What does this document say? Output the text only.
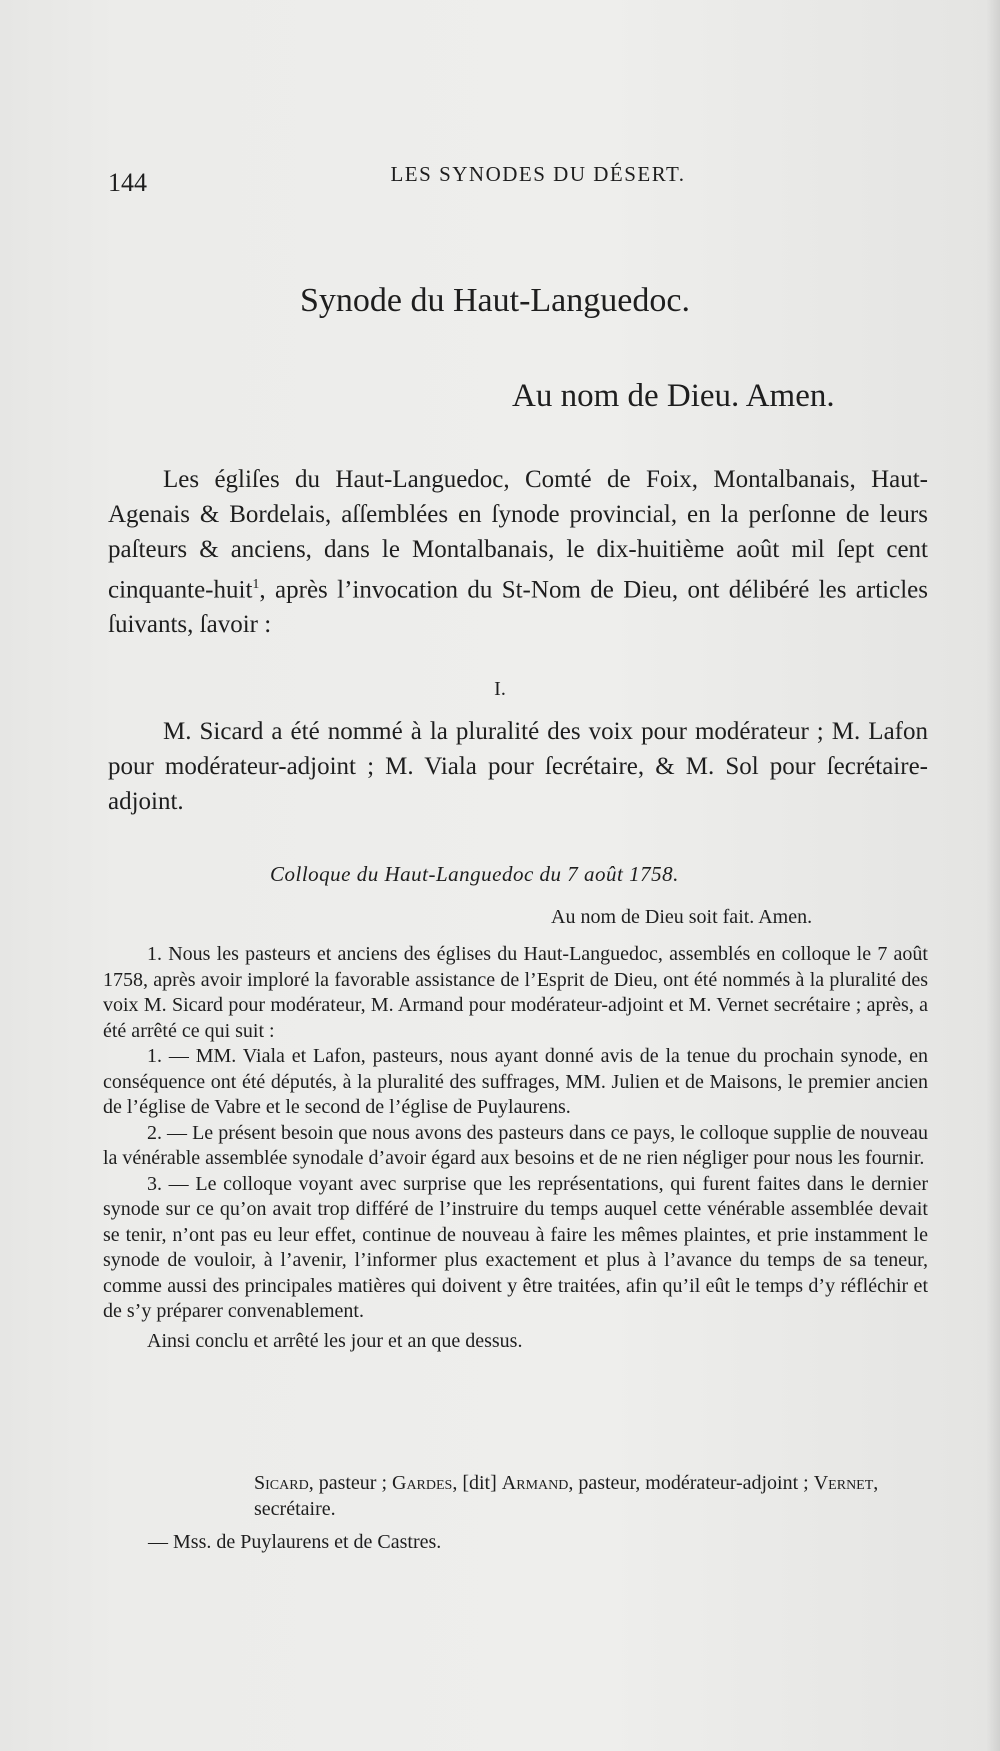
144	LES SYNODES DU DÉSERT.
Synode du Haut-Languedoc.
Au nom de Dieu. Amen.

Les égliſes du Haut-Languedoc, Comté de Foix, Montalbanais, Haut-Agenais & Bordelais, aſſemblées en ſynode provincial, en la perſonne de leurs paſteurs & anciens, dans le Montalbanais, le dix-huitième août mil ſept cent cinquante-huit$^1$, après l’invocation du St-Nom de Dieu, ont délibéré les articles ſuivants, ſavoir :

I.

M. Sicard a été nommé à la pluralité des voix pour modérateur ; M. Lafon pour modérateur-adjoint ; M. Viala pour ſecrétaire, & M. Sol pour ſecrétaire-adjoint.

Colloque du Haut-Languedoc du 7 août 1758.
Au nom de Dieu soit fait. Amen.

1. Nous les pasteurs et anciens des églises du Haut-Languedoc, assemblés en colloque le 7 août 1758, après avoir imploré la favorable assistance de l’Esprit de Dieu, ont été nommés à la pluralité des voix M. Sicard pour modérateur, M. Armand pour modérateur-adjoint et M. Vernet secrétaire ; après, a été arrêté ce qui suit :

1. — MM. Viala et Lafon, pasteurs, nous ayant donné avis de la tenue du prochain synode, en conséquence ont été députés, à la pluralité des suffrages, MM. Julien et de Maisons, le premier ancien de l’église de Vabre et le second de l’église de Puylaurens.

2. — Le présent besoin que nous avons des pasteurs dans ce pays, le colloque supplie de nouveau la vénérable assemblée synodale d’avoir égard aux besoins et de ne rien négliger pour nous les fournir.

3. — Le colloque voyant avec surprise que les représentations, qui furent faites dans le dernier synode sur ce qu’on avait trop différé de l’instruire du temps auquel cette vénérable assemblée devait se tenir, n’ont pas eu leur effet, continue de nouveau à faire les mêmes plaintes, et prie instamment le synode de vouloir, à l’avenir, l’informer plus exactement et plus à l’avance du temps de sa teneur, comme aussi des principales matières qui doivent y être traitées, afin qu’il eût le temps d’y réfléchir et de s’y préparer convenablement.

Ainsi conclu et arrêté les jour et an que dessus.

Sicard, pasteur ; Gardes, [dit] Armand, pasteur, modérateur-adjoint ; Vernet, secrétaire.
— Mss. de Puylaurens et de Castres.
